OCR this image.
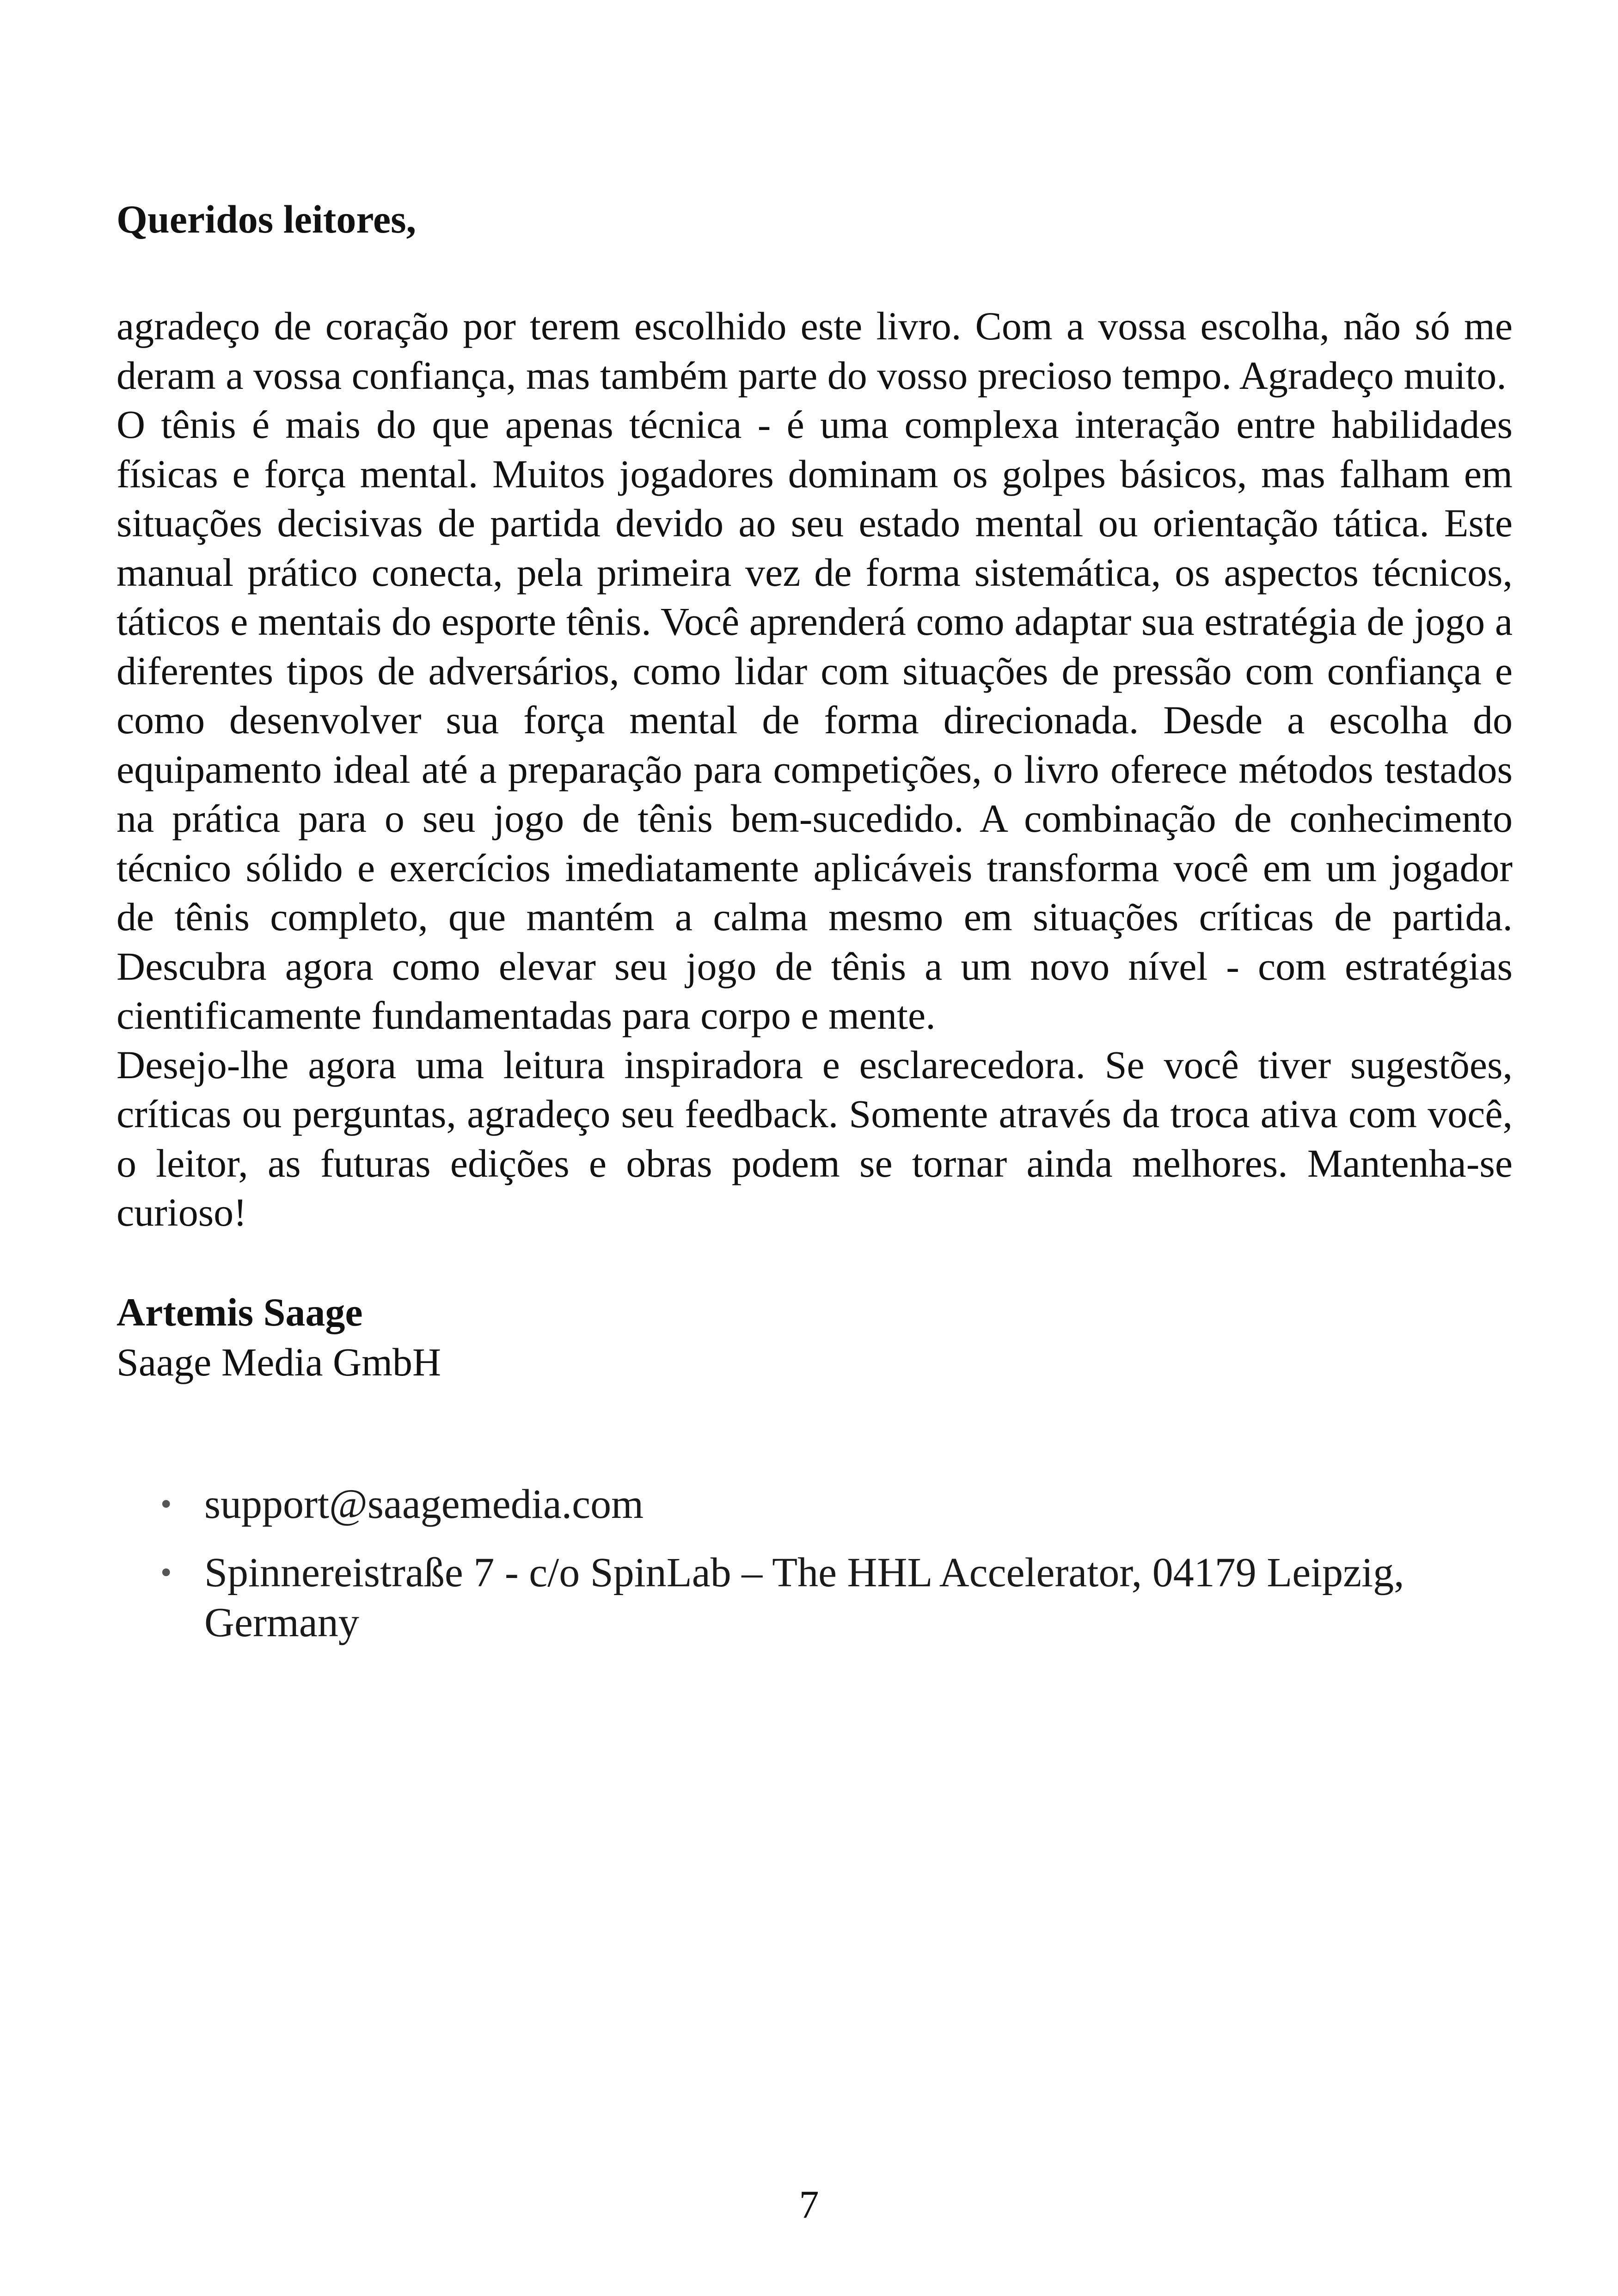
Queridos leitores,

agradeço de coração por terem escolhido este livro. Com a vossa escolha, não só me deram a vossa confiança, mas também parte do vosso precioso tempo. Agradeço muito.

O tênis é mais do que apenas técnica - é uma complexa interação entre habilidades físicas e força mental. Muitos jogadores dominam os golpes básicos, mas falham em situações decisivas de partida devido ao seu estado mental ou orientação tática. Este manual prático conecta, pela primeira vez de forma sistemática, os aspectos técnicos, táticos e mentais do esporte tênis. Você aprenderá como adaptar sua estratégia de jogo a diferentes tipos de adversários, como lidar com situações de pressão com confiança e como desenvolver sua força mental de forma direcionada. Desde a escolha do equipamento ideal até a preparação para competições, o livro oferece métodos testados na prática para o seu jogo de tênis bem-sucedido. A combinação de conhecimento técnico sólido e exercícios imediatamente aplicáveis transforma você em um jogador de tênis completo, que mantém a calma mesmo em situações críticas de partida. Descubra agora como elevar seu jogo de tênis a um novo nível - com estratégias cientificamente fundamentadas para corpo e mente.

Desejo-lhe agora uma leitura inspiradora e esclarecedora. Se você tiver sugestões, críticas ou perguntas, agradeço seu feedback. Somente através da troca ativa com você, o leitor, as futuras edições e obras podem se tornar ainda melhores. Mantenha-se curioso!

Artemis Saage
Saage Media GmbH
• support@saagemedia.com
• Spinnereistraße 7 - c/o SpinLab – The HHL Accelerator, 04179 Leipzig, Germany
7
